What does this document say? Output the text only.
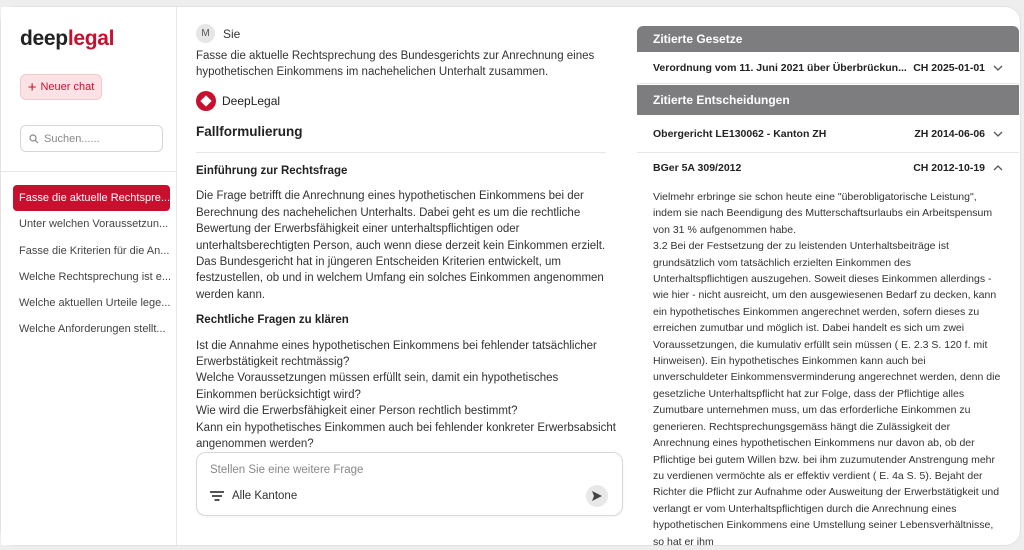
deeplegal
+ Neuer chat
Suchen......
Fasse die aktuelle Rechtspre...
Unter welchen Voraussetzun...
Fasse die Kriterien für die An...
Welche Rechtsprechung ist e...
Welche aktuellen Urteile lege...
Welche Anforderungen stellt...
M	Sie
Fasse die aktuelle Rechtsprechung des Bundesgerichts zur Anrechnung eines hypothetischen Einkommens im nachehelichen Unterhalt zusammen.
DeepLegal
Fallformulierung
Einführung zur Rechtsfrage

Die Frage betrifft die Anrechnung eines hypothetischen Einkommens bei der Berechnung des nachehelichen Unterhalts. Dabei geht es um die rechtliche Bewertung der Erwerbsfähigkeit einer unterhaltspflichtigen oder unterhaltsberechtigten Person, auch wenn diese derzeit kein Einkommen erzielt. Das Bundesgericht hat in jüngeren Entscheiden Kriterien entwickelt, um festzustellen, ob und in welchem Umfang ein solches Einkommen angenommen werden kann.

Rechtliche Fragen zu klären

Ist die Annahme eines hypothetischen Einkommens bei fehlender tatsächlicher Erwerbstätigkeit rechtmässig?

Welche Voraussetzungen müssen erfüllt sein, damit ein hypothetisches Einkommen berücksichtigt wird?

Wie wird die Erwerbsfähigkeit einer Person rechtlich bestimmt?

Kann ein hypothetisches Einkommen auch bei fehlender konkreter Erwerbsabsicht angenommen werden?

Stellen Sie eine weitere Frage
Alle Kantone
Zitierte Gesetze
Verordnung vom 11. Juni 2021 über Überbrückun... CH 2025-01-01
Zitierte Entscheidungen
Obergericht LE130062 - Kanton ZH	ZH 2014-06-06
BGer 5A 309/2012	CH 2012-10-19
Vielmehr erbringe sie schon heute eine "überobligatorische Leistung", indem sie nach Beendigung des Mutterschaftsurlaubs ein Arbeitspensum von 31 % aufgenommen habe.
3.2 Bei der Festsetzung der zu leistenden Unterhaltsbeiträge ist grundsätzlich vom tatsächlich erzielten Einkommen des Unterhaltspflichtigen auszugehen. Soweit dieses Einkommen allerdings - wie hier - nicht ausreicht, um den ausgewiesenen Bedarf zu decken, kann ein hypothetisches Einkommen angerechnet werden, sofern dieses zu erreichen zumutbar und möglich ist. Dabei handelt es sich um zwei Voraussetzungen, die kumulativ erfüllt sein müssen ( E. 2.3 S. 120 f. mit Hinweisen). Ein hypothetisches Einkommen kann auch bei unverschuldeter Einkommensverminderung angerechnet werden, denn die gesetzliche Unterhaltspflicht hat zur Folge, dass der Pflichtige alles Zumutbare unternehmen muss, um das erforderliche Einkommen zu generieren. Rechtsprechungsgemäss hängt die Zulässigkeit der Anrechnung eines hypothetischen Einkommens nur davon ab, ob der Pflichtige bei gutem Willen bzw. bei ihm zuzumutender Anstrengung mehr zu verdienen vermöchte als er effektiv verdient ( E. 4a S. 5). Bejaht der Richter die Pflicht zur Aufnahme oder Ausweitung der Erwerbstätigkeit und verlangt er vom Unterhaltspflichtigen durch die Anrechnung eines hypothetischen Einkommens eine Umstellung seiner Lebensverhältnisse, so hat er ihm
